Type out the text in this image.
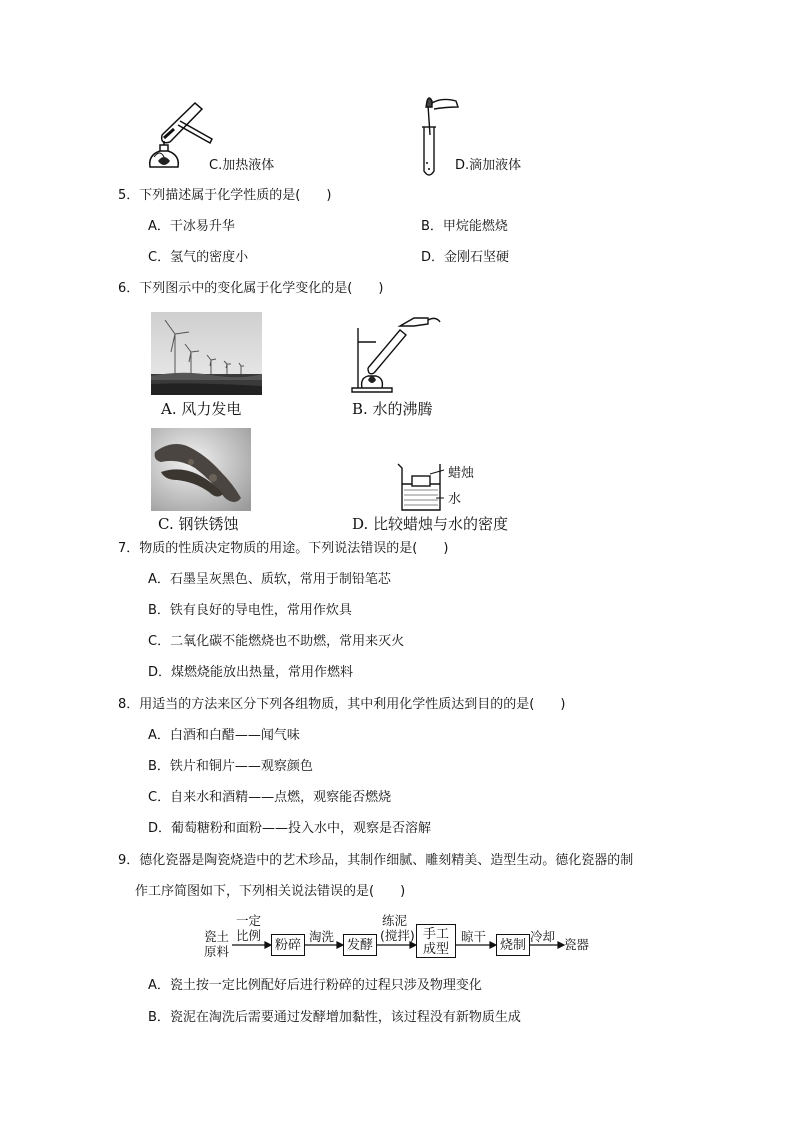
C.加热液体	D.滴加液体
5．下列描述属于化学性质的是(　　)
A．干冰易升华	B．甲烷能燃烧
C．氢气的密度小	D．金刚石坚硬
6．下列图示中的变化属于化学变化的是(　　)
A. 风力发电	B. 水的沸腾
C. 钢铁锈蚀
蜡烛
水
D. 比较蜡烛与水的密度
7．物质的性质决定物质的用途。下列说法错误的是(　　)
A．石墨呈灰黑色、质软，常用于制铅笔芯
B．铁有良好的导电性，常用作炊具
C．二氧化碳不能燃烧也不助燃，常用来灭火
D．煤燃烧能放出热量，常用作燃料
8．用适当的方法来区分下列各组物质，其中利用化学性质达到目的的是(　　)
A．白酒和白醋——闻气味
B．铁片和铜片——观察颜色
C．自来水和酒精——点燃，观察能否燃烧
D．葡萄糖粉和面粉——投入水中，观察是否溶解
9．德化瓷器是陶瓷烧造中的艺术珍品，其制作细腻、雕刻精美、造型生动。德化瓷器的制
作工序简图如下，下列相关说法错误的是(　　)
瓷土
原料
一定
比例
粉碎
淘洗
发酵
练泥
(搅拌) 手工
成型
晾干
烧制
冷却
瓷器
A．瓷土按一定比例配好后进行粉碎的过程只涉及物理变化
B．瓷泥在淘洗后需要通过发酵增加黏性，该过程没有新物质生成
